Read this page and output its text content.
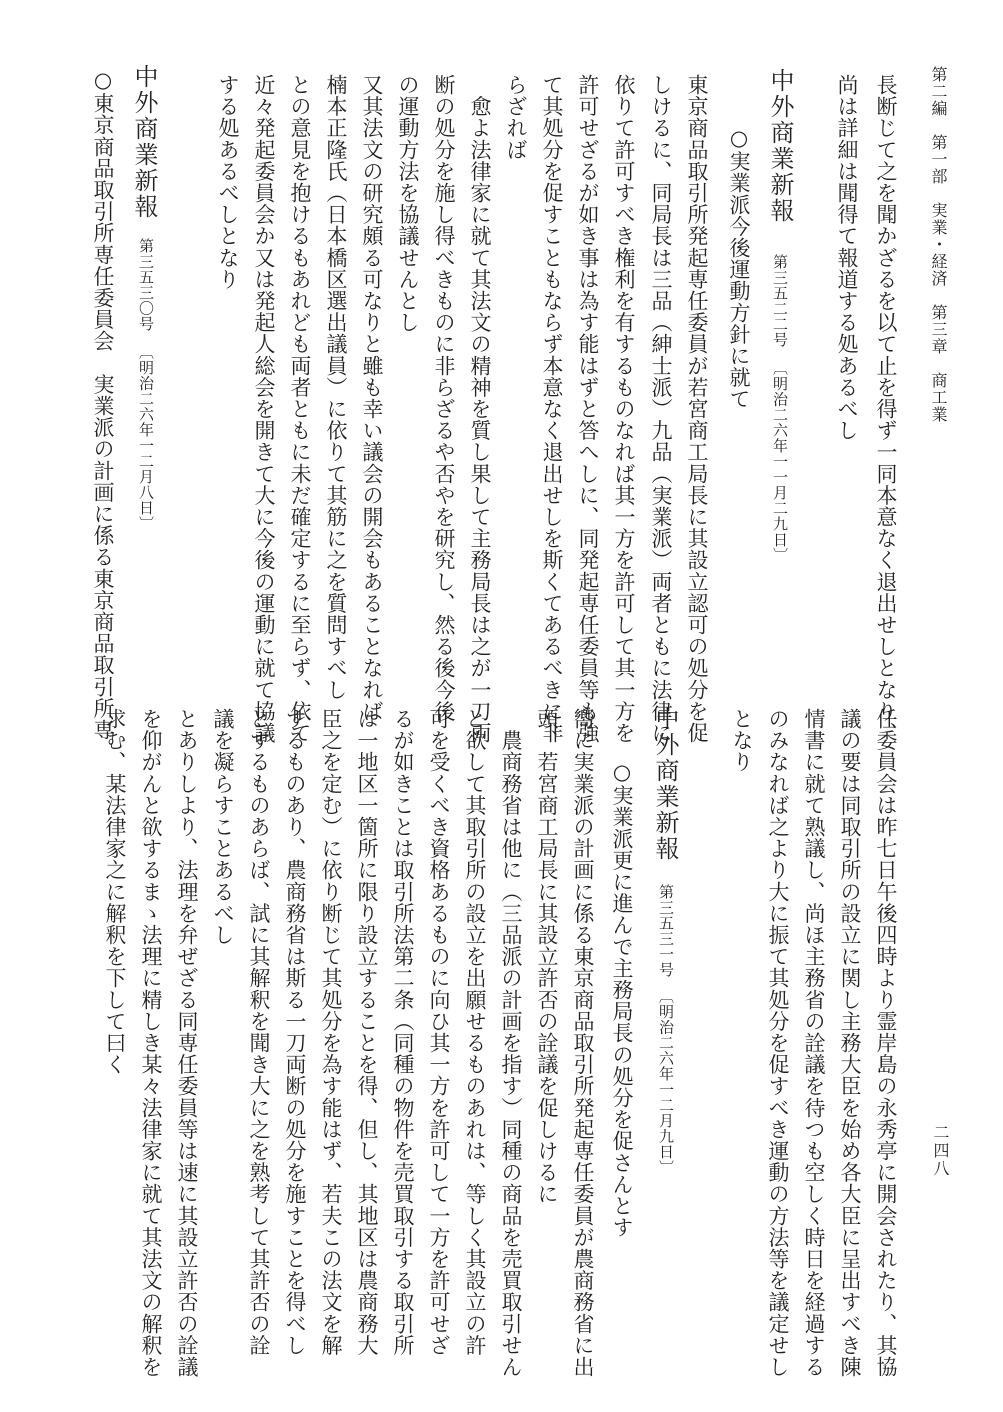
第二編　第一部　実業・経済　第三章　商工業
二四八
長断じて之を聞かざるを以て止を得ず一同本意なく退出せしとなり、
尚は詳細は聞得て報道する処あるべし
中外商業新報
第三五二二号
〔明治二六年一一月二九日〕
○実業派今後運動方針に就て
東京商品取引所発起専任委員が若宮商工局長に其設立認可の処分を促
しけるに、同局長は三品（紳士派）九品（実業派）両者ともに法律に
依りて許可すべき権利を有するものなれば其一方を許可して其一方を
許可せざるが如き事は為す能はずと答へしに、同発起専任委員等も強
て其処分を促すこともならず本意なく退出せしを斯くてあるべきに非
らざれば
　愈よ法律家に就て其法文の精神を質し果して主務局長は之が一刀両
断の処分を施し得べきものに非らざるや否やを研究し、然る後今後
の運動方法を協議せんとし
又其法文の研究頗る可なりと雖も幸い議会の開会もあることなれば
楠本正隆氏（日本橋区選出議員）に依りて其筋に之を質問すべし
との意見を抱けるもあれども両者ともに未だ確定するに至らず、依て
近々発起委員会か又は発起人総会を開きて大に今後の運動に就て協議
する処あるべしとなり
中外商業新報
第三五三〇号
〔明治二六年一二月八日〕
○東京商品取引所専任委員会　実業派の計画に係る東京商品取引所専
任委員会は昨七日午後四時より霊岸島の永秀亭に開会されたり、其協
議の要は同取引所の設立に関し主務大臣を始め各大臣に呈出すべき陳
情書に就て熟議し、尚ほ主務省の詮議を待つも空しく時日を経過する
のみなれば之より大に振て其処分を促すべき運動の方法等を議定せし
となり
中外商業新報
第三五三一号
〔明治二六年一二月九日〕
○実業派更に進んで主務局長の処分を促さんとす
嚮に実業派の計画に係る東京商品取引所発起専任委員が農商務省に出
頭、若宮商工局長に其設立許否の詮議を促しけるに
　農商務省は他に（三品派の計画を指す）同種の商品を売買取引せん
と欲して其取引所の設立を出願せるものあれは、等しく其設立の許
可を受くべき資格あるものに向ひ其一方を許可して一方を許可せざ
るが如きことは取引所法第二条（同種の物件を売買取引する取引所
は一地区一箇所に限り設立することを得、但し、其地区は農商務大
臣之を定む）に依り断じて其処分を為す能はず、若夫この法文を解
するものあり、農商務省は斯る一刀両断の処分を施すことを得べし
とするものあらば、試に其解釈を聞き大に之を熟考して其許否の詮
議を凝らすことあるべし
とありしより、法理を弁ぜざる同専任委員等は速に其設立許否の詮議
を仰がんと欲するまゝ法理に精しき某々法律家に就て其法文の解釈を
求む、某法律家之に解釈を下して曰く
